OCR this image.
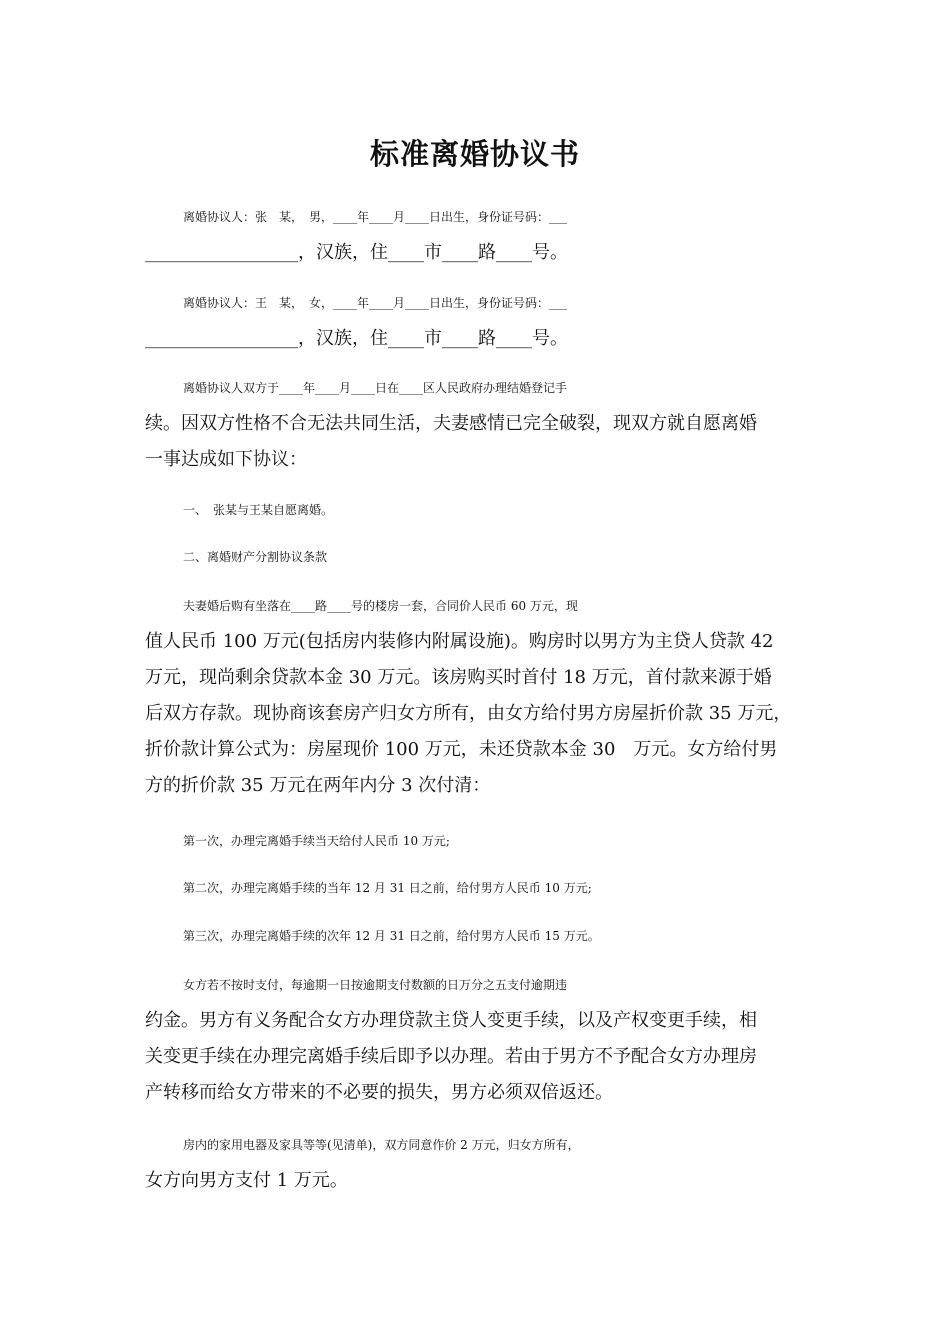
标准离婚协议书
离婚协议人：张　某，　男，____年____月____日出生，身份证号码：___
_________________，汉族，住____市____路____号。
离婚协议人：王　某，　女，____年____月____日出生，身份证号码：___
_________________，汉族，住____市____路____号。
离婚协议人双方于____年____月____日在____区人民政府办理结婚登记手
续。因双方性格不合无法共同生活，夫妻感情已完全破裂，现双方就自愿离婚
一事达成如下协议：
一、　张某与王某自愿离婚。
二、离婚财产分割协议条款
夫妻婚后购有坐落在____路____号的楼房一套，合同价人民币 60 万元，现
值人民币 100 万元(包括房内装修内附属设施)。购房时以男方为主贷人贷款 42
万元，现尚剩余贷款本金 30 万元。该房购买时首付 18 万元，首付款来源于婚
后双方存款。现协商该套房产归女方所有，由女方给付男方房屋折价款 35 万元，
折价款计算公式为：房屋现价 100 万元，未还贷款本金 30　万元。女方给付男
方的折价款 35 万元在两年内分 3 次付清：
第一次，办理完离婚手续当天给付人民币 10 万元;
第二次，办理完离婚手续的当年 12 月 31 日之前，给付男方人民币 10 万元;
第三次，办理完离婚手续的次年 12 月 31 日之前，给付男方人民币 15 万元。
女方若不按时支付，每逾期一日按逾期支付数额的日万分之五支付逾期违
约金。男方有义务配合女方办理贷款主贷人变更手续，以及产权变更手续，相
关变更手续在办理完离婚手续后即予以办理。若由于男方不予配合女方办理房
产转移而给女方带来的不必要的损失，男方必须双倍返还。
房内的家用电器及家具等等(见清单)，双方同意作价 2 万元，归女方所有，
女方向男方支付 1 万元。
